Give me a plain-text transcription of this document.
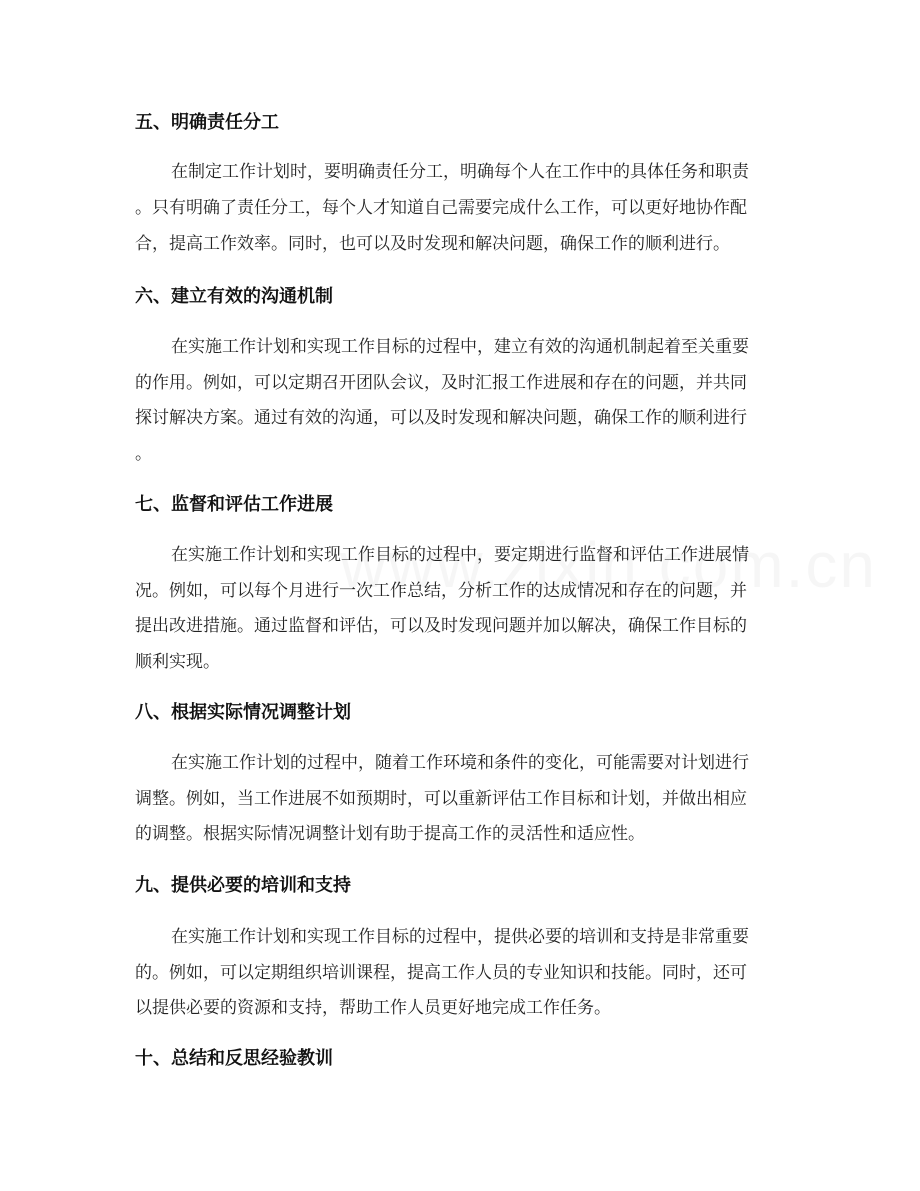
五、明确责任分工
在制定工作计划时，要明确责任分工，明确每个人在工作中的具体任务和职责
。只有明确了责任分工，每个人才知道自己需要完成什么工作，可以更好地协作配
合，提高工作效率。同时，也可以及时发现和解决问题，确保工作的顺利进行。
六、建立有效的沟通机制
在实施工作计划和实现工作目标的过程中，建立有效的沟通机制起着至关重要
的作用。例如，可以定期召开团队会议，及时汇报工作进展和存在的问题，并共同
探讨解决方案。通过有效的沟通，可以及时发现和解决问题，确保工作的顺利进行
。
七、监督和评估工作进展
在实施工作计划和实现工作目标的过程中，要定期进行监督和评估工作进展情
况。例如，可以每个月进行一次工作总结，分析工作的达成情况和存在的问题，并
提出改进措施。通过监督和评估，可以及时发现问题并加以解决，确保工作目标的
顺利实现。
八、根据实际情况调整计划
在实施工作计划的过程中，随着工作环境和条件的变化，可能需要对计划进行
调整。例如，当工作进展不如预期时，可以重新评估工作目标和计划，并做出相应
的调整。根据实际情况调整计划有助于提高工作的灵活性和适应性。
九、提供必要的培训和支持
在实施工作计划和实现工作目标的过程中，提供必要的培训和支持是非常重要
的。例如，可以定期组织培训课程，提高工作人员的专业知识和技能。同时，还可
以提供必要的资源和支持，帮助工作人员更好地完成工作任务。
十、总结和反思经验教训
